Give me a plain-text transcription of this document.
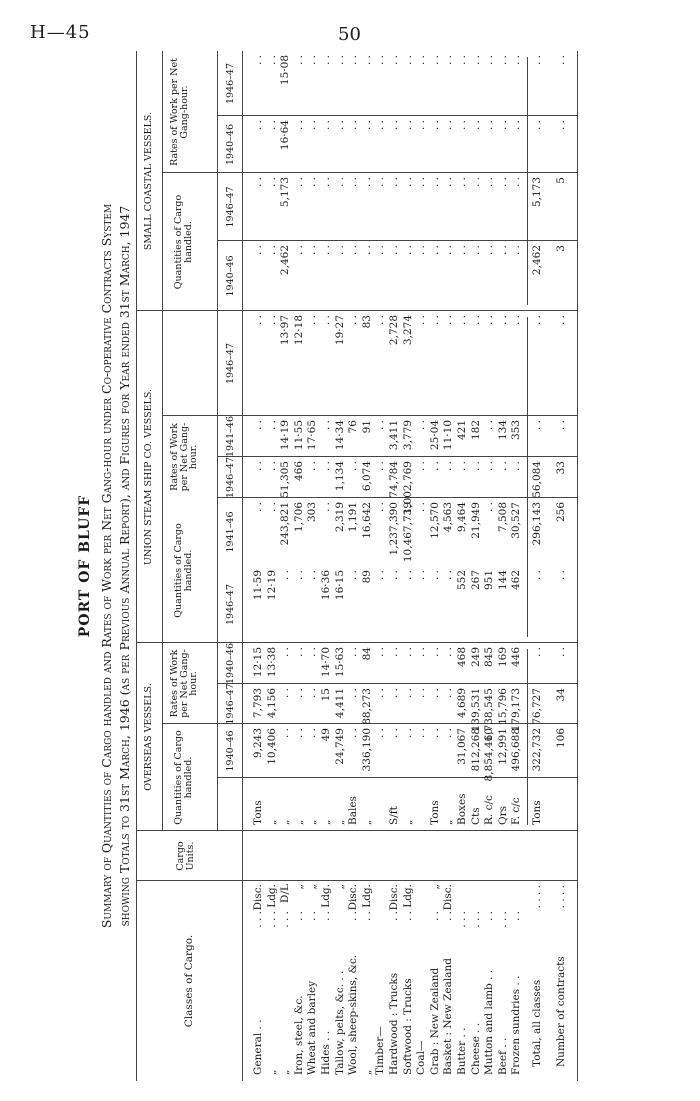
H—45	50
PORT OF BLUFF Summary of Quantities of Cargo handled and Rates of Work per Net Gang-hour under Co-operative Contracts System showing Totals to 31st March, 1946 (as per Previous Annual Report), and Figures for Year ended 31st March, 1947
Classes of Cargo.
Cargo Units.
OVERSEAS VESSELS.
UNION STEAM SHIP CO. VESSELS.
SMALL COASTAL VESSELS.
Quantities of Cargo handled.
Rates of Work per Net Gang-hour.
Quantities of Cargo handled.
Rates of Work per Net Gang-hour.
Quantities of Cargo handled.
Rates of Work per Net Gang-hour.
1940–46
1946–47
1940–46
1946–47
1941–46
1946–47
1941–46
1946–47
1940–46
1946–47
1940–46
1946–47
General . .
. . .
Disc.
Tons
9,243
7,793
12·15
11·59
. .
. .
. .
. .
. .
. .
. .
. .
„
. . .
Ldg.
„
10,406
4,156
13·38
12·19
. .
. .
. .
. .
. .
. .
. .
. .
„
. . .
D/L
„
. .
. .
. .
. .
243,821
51,305
14·19
13·97
2,462
5,173
16·64
15·08
Iron, steel, &c.
. .
„
„
. .
. .
. .
. .
1,706
466
11·55
12·18
. .
. .
. .
. .
Wheat and barley
. .
„
„
. .
. .
. .
. .
303
. .
17·65
. .
. .
. .
. .
. .
Hides . .
. .
Ldg.
„
49
15
14·70
16·36
. .
. .
. .
. .
. .
. .
. .
. .
Tallow, pelts, &c. . .
„
„
24,749
4,411
15·63
16·15
2,319
1,134
14·34
19·27
. .
. .
. .
. .
Wool, sheep-skins, &c.
. .
Disc.
Bales
. .
. .
. .
. .
1,191
. .
76
. .
. .
. .
. .
. .
„
. .
Ldg.
„
336,190
88,273
84
89
16,642
6,074
91
83
. .
. .
. .
. .
Timber—
. .
. .
. .
. .
. .
. .
. .
. .
. .
. .
. .
. .
Hardwood : Trucks
. .
Disc.
S/ft
. .
. .
. .
. .
1,237,390
74,784
3,411
2,728
. .
. .
. .
. .
Softwood : Trucks
. .
Ldg.
„
. .
. .
. .
. .
10,467,739
1,002,769
3,779
3,274
. .
. .
. .
. .
Coal—
. .
. .
. .
. .
. .
. .
. .
. .
. .
. .
. .
. .
Grab : New Zealand
. .
„
Tons
. .
. .
. .
. .
12,570
. .
25·04
. .
. .
. .
. .
. .
Basket : New Zealand
. .
Disc.
„
. .
. .
. .
. .
4,563
. .
11·10
. .
. .
. .
. .
. .
Butter . .
. . .
Boxes
31,067
4,689
468
552
9,464
. .
421
. .
. .
. .
. .
. .
Cheese . .
. . .
Cts
812,268
139,531
249
267
21,949
. .
182
. .
. .
. .
. .
. .
Mutton and lamb . .
. .
R. c/c
8,854,460
1,738,545
845
951
. .
. .
. .
. .
. .
. .
. .
. .
Beef . .
. . .
Qrs
12,991
15,796
169
144
7,508
. .
134
. .
. .
. .
. .
. .
Frozen sundries . .
. .
F. c/c
496,688
179,173
446
462
30,527
. .
353
. .
. .
. .
. .
. .
Total, all classes
. . . .
Tons
322,732
76,727
. .
. .
296,143
56,084
. .
. .
2,462
5,173
. .
. .
Number of contracts
. . . .
106
34
. .
. .
256
33
. .
. .
3
5
. .
. .
